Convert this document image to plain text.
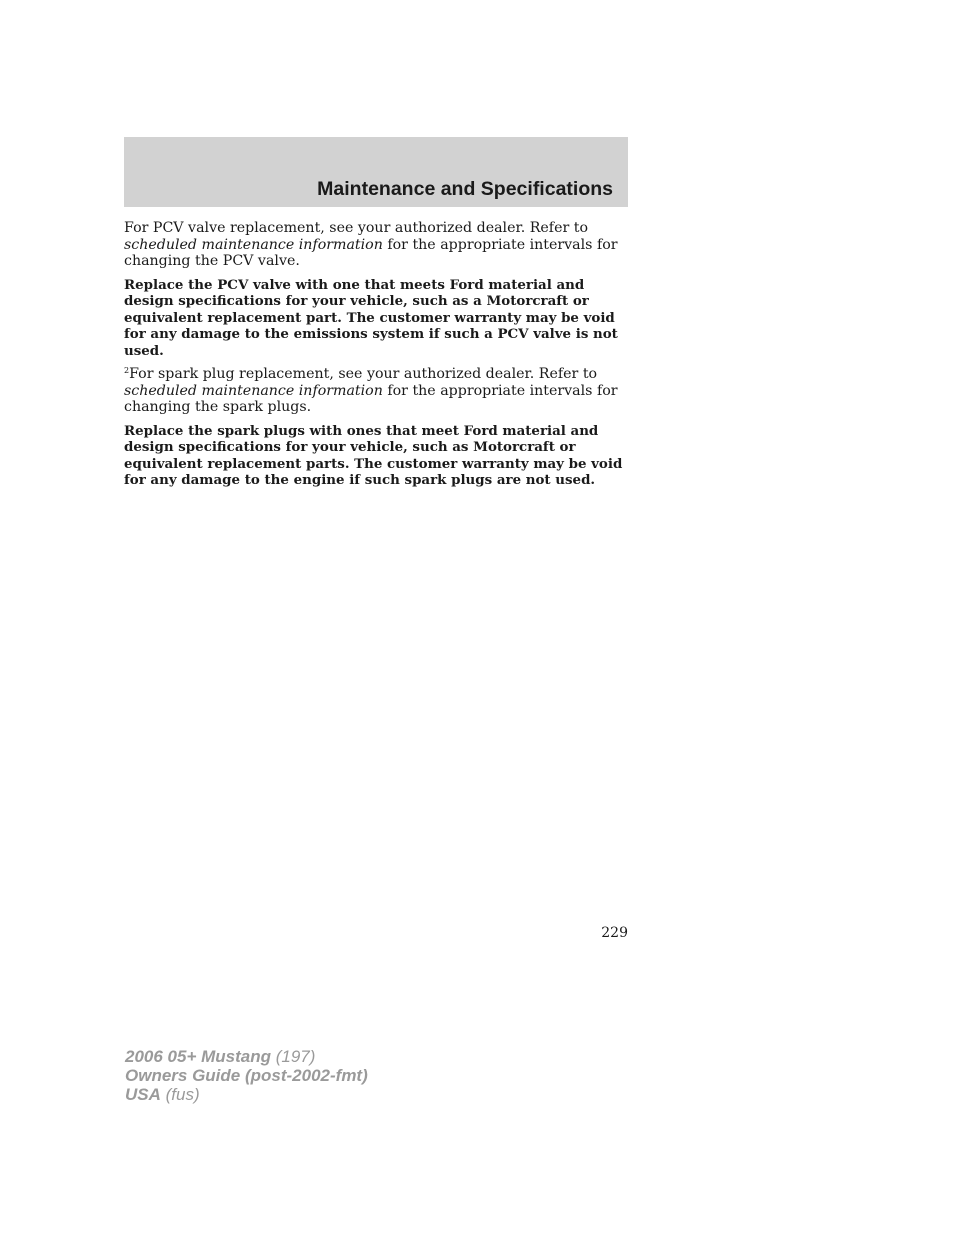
Maintenance and Specifications

For PCV valve replacement, see your authorized dealer. Refer to scheduled maintenance information for the appropriate intervals for changing the PCV valve.

Replace the PCV valve with one that meets Ford material and design specifications for your vehicle, such as a Motorcraft or equivalent replacement part. The customer warranty may be void for any damage to the emissions system if such a PCV valve is not used.

$^2$For spark plug replacement, see your authorized dealer. Refer to scheduled maintenance information for the appropriate intervals for changing the spark plugs.

Replace the spark plugs with ones that meet Ford material and design specifications for your vehicle, such as Motorcraft or equivalent replacement parts. The customer warranty may be void for any damage to the engine if such spark plugs are not used.

229

2006 05+ Mustang (197)
Owners Guide (post-2002-fmt)
USA (fus)
